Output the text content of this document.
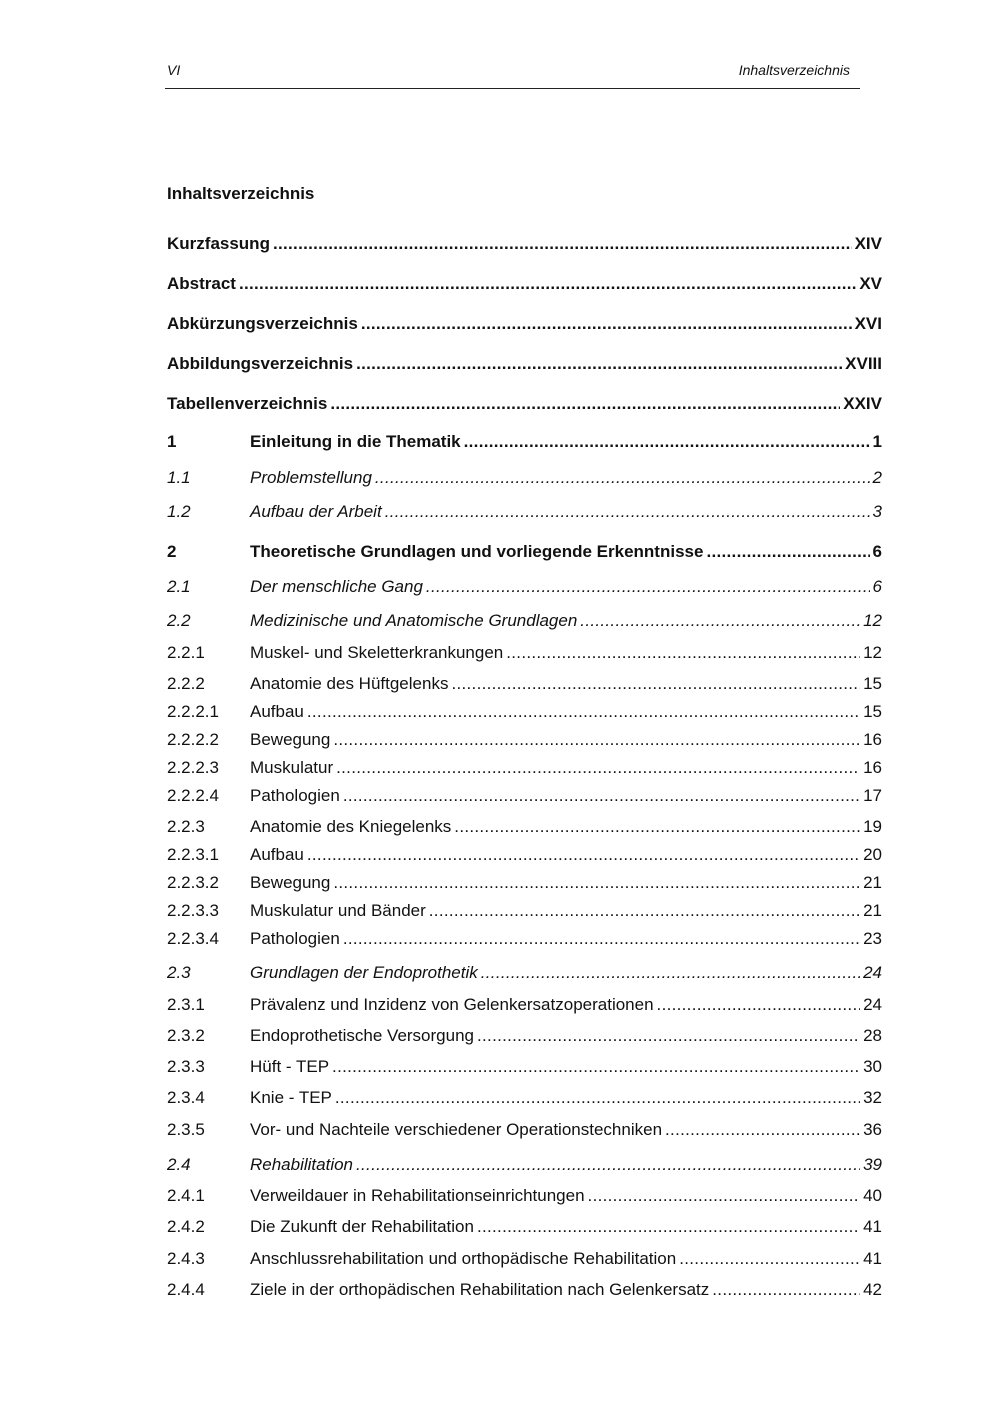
VI	Inhaltsverzeichnis
Inhaltsverzeichnis
Kurzfassung .....	XIV
Abstract .....	XV
Abkürzungsverzeichnis .....	XVI
Abbildungsverzeichnis .....	XVIII
Tabellenverzeichnis .....	XXIV
1	Einleitung in die Thematik .....	1
1.1	Problemstellung .....	2
1.2	Aufbau der Arbeit .....	3
2	Theoretische Grundlagen und vorliegende Erkenntnisse .....	6
2.1	Der menschliche Gang .....	6
2.2	Medizinische und Anatomische Grundlagen .....	12
2.2.1	Muskel- und Skeletterkrankungen .....	12
2.2.2	Anatomie des Hüftgelenks .....	15
2.2.2.1	Aufbau .....	15
2.2.2.2	Bewegung .....	16
2.2.2.3	Muskulatur .....	16
2.2.2.4	Pathologien .....	17
2.2.3	Anatomie des Kniegelenks .....	19
2.2.3.1	Aufbau .....	20
2.2.3.2	Bewegung .....	21
2.2.3.3	Muskulatur und Bänder .....	21
2.2.3.4	Pathologien .....	23
2.3	Grundlagen der Endoprothetik .....	24
2.3.1	Prävalenz und Inzidenz von Gelenkersatzoperationen .....	24
2.3.2	Endoprothetische Versorgung .....	28
2.3.3	Hüft - TEP .....	30
2.3.4	Knie - TEP .....	32
2.3.5	Vor- und Nachteile verschiedener Operationstechniken .....	36
2.4	Rehabilitation .....	39
2.4.1	Verweildauer in Rehabilitationseinrichtungen .....	40
2.4.2	Die Zukunft der Rehabilitation .....	41
2.4.3	Anschlussrehabilitation und orthopädische Rehabilitation .....	41
2.4.4	Ziele in der orthopädischen Rehabilitation nach Gelenkersatz .....	42
